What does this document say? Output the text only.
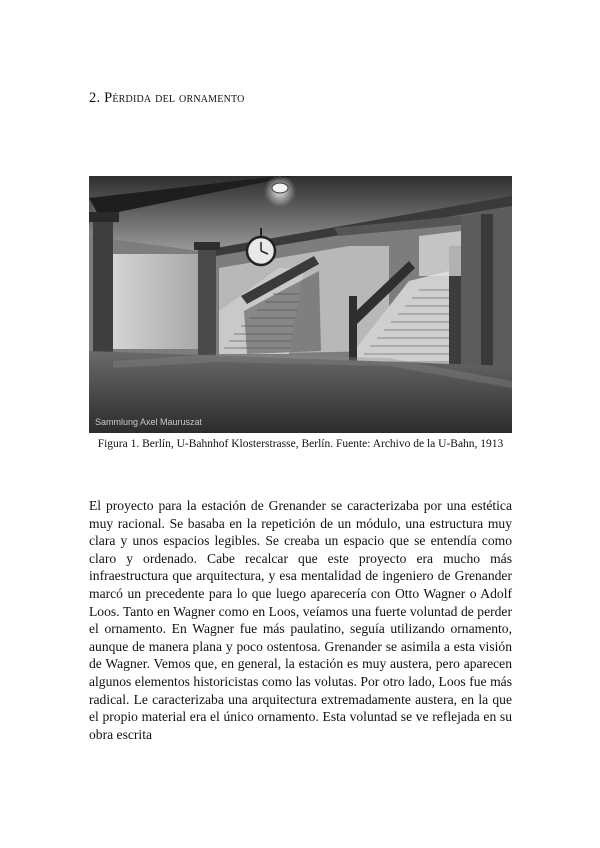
2. Pérdida del ornamento
Sammlung Axel Mauruszat
Figura 1. Berlín, U-Bahnhof Klosterstrasse, Berlín. Fuente: Archivo de la U-Bahn, 1913

El proyecto para la estación de Grenander se caracterizaba por una estética muy racional. Se basaba en la repetición de un módulo, una estructura muy clara y unos espacios legibles. Se creaba un espacio que se entendía como claro y ordenado. Cabe recalcar que este proyecto era mucho más infraestructura que arquitectura, y esa mentalidad de ingeniero de Grenander marcó un precedente para lo que luego aparecería con Otto Wagner o Adolf Loos. Tanto en Wagner como en Loos, veíamos una fuerte voluntad de perder el ornamento. En Wagner fue más paulatino, seguía utilizando ornamento, aunque de manera plana y poco ostentosa. Grenander se asimila a esta visión de Wagner. Vemos que, en general, la estación es muy austera, pero aparecen algunos elementos historicistas como las volutas. Por otro lado, Loos fue más radical. Le caracterizaba una arquitectura extremadamente austera, en la que el propio material era el único ornamento. Esta voluntad se ve reflejada en su obra escrita
